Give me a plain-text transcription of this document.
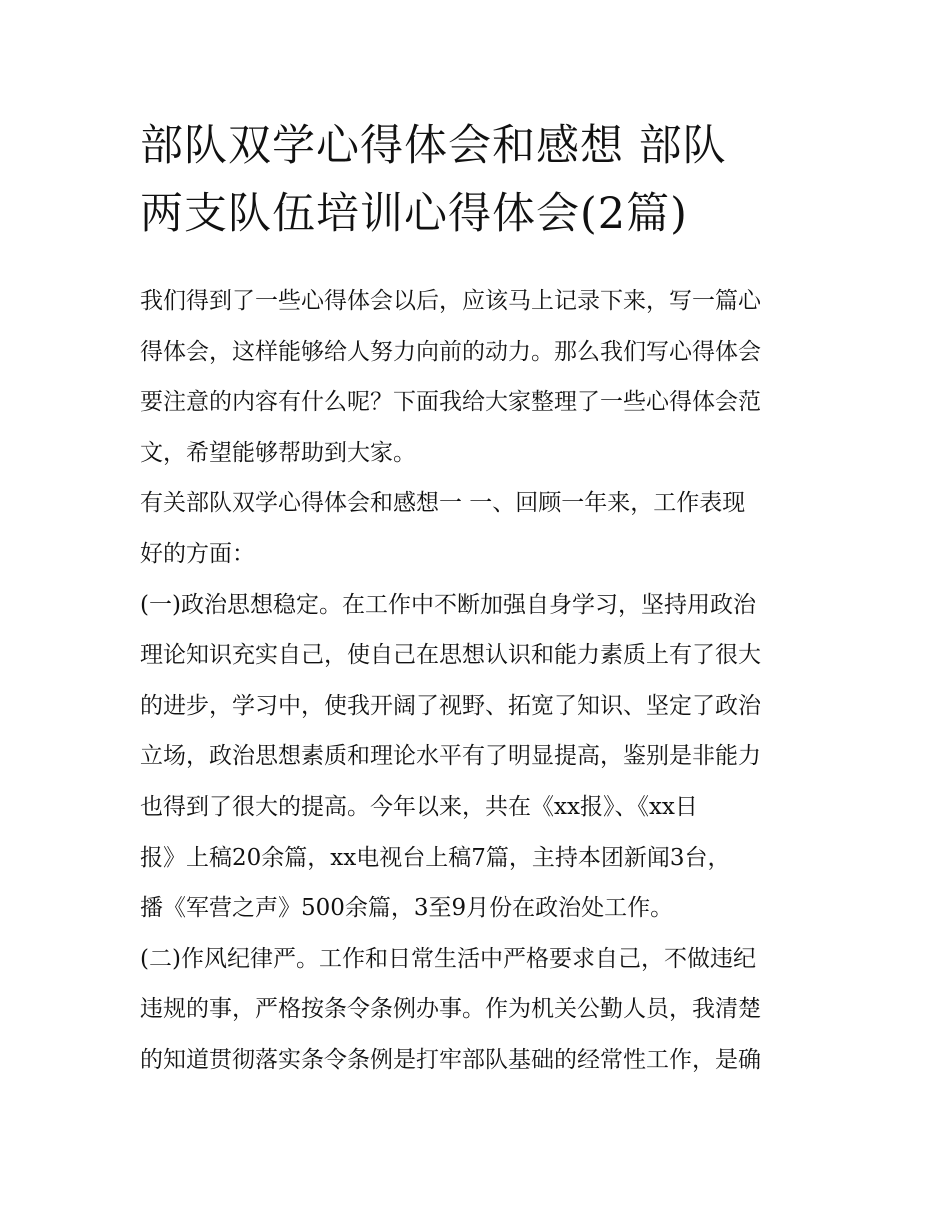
部队双学心得体会和感想 部队
两支队伍培训心得体会(2篇)
我们得到了一些心得体会以后，应该马上记录下来，写一篇心
得体会，这样能够给人努力向前的动力。那么我们写心得体会
要注意的内容有什么呢？下面我给大家整理了一些心得体会范
文，希望能够帮助到大家。
有关部队双学心得体会和感想一 一、回顾一年来，工作表现
好的方面：
(一)政治思想稳定。在工作中不断加强自身学习，坚持用政治
理论知识充实自己，使自己在思想认识和能力素质上有了很大
的进步，学习中，使我开阔了视野、拓宽了知识、坚定了政治
立场，政治思想素质和理论水平有了明显提高，鉴别是非能力
也得到了很大的提高。今年以来，共在《xx报》、《xx日
报》上稿20余篇，xx电视台上稿7篇，主持本团新闻3台，
播《军营之声》500余篇，3至9月份在政治处工作。
(二)作风纪律严。工作和日常生活中严格要求自己，不做违纪
违规的事，严格按条令条例办事。作为机关公勤人员，我清楚
的知道贯彻落实条令条例是打牢部队基础的经常性工作，是确
